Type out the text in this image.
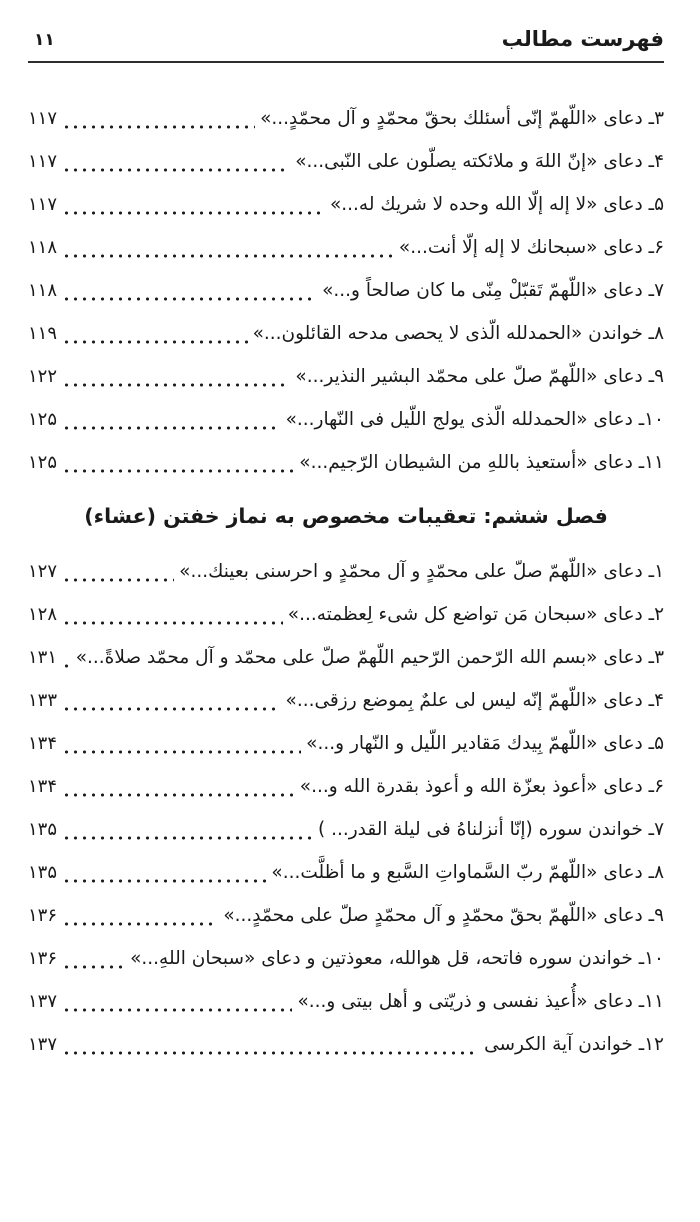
فهرست مطالب
۱۱
۳ـ دعاى «اللّهمّ إنّى أسئلك بحقّ محمّدٍ و آل محمّدٍ...»
۱۱۷
۴ـ دعاى «إنّ اللهَ و ملائكته يصلّون على النّبى...»
۱۱۷
۵ـ دعاى «لا إله إلّا الله وحده لا شريك له...»
۱۱۷
۶ـ دعاى «سبحانك لا إله إلّا أنت...»
۱۱۸
۷ـ دعاى «اللّهمّ تَقبّلْ مِنّى ما كان صالحاً و...»
۱۱۸
۸ـ خواندن «الحمدلله الّذى لا يحصى مدحه القائلون...»
۱۱۹
۹ـ دعاى «اللّهمّ صلّ على محمّد البشير النذير...»
۱۲۲
۱۰ـ دعاى «الحمدلله الّذى يولج اللّيل فى النّهار...»
۱۲۵
۱۱ـ دعاى «أستعيذ باللهِ من الشيطان الرّجيم...»
۱۲۵
فصل ششم: تعقيبات مخصوص به نماز خفتن (عشاء)
۱ـ دعاى «اللّهمّ صلّ على محمّدٍ و آل محمّدٍ و احرسنى بعينك...»
۱۲۷
۲ـ دعاى «سبحان مَن تواضع كل شىء لِعظمته...»
۱۲۸
۳ـ دعاى «بسم الله الرّحمن الرّحيم اللّهمّ صلّ على محمّد و آل محمّد صلاةً...»
۱۳۱
۴ـ دعاى «اللّهمّ إنّه ليس لى علمٌ بِموضع رزقى...»
۱۳۳
۵ـ دعاى «اللّهمّ بِيدك مَقادير اللّيل و النّهار و...»
۱۳۴
۶ـ دعاى «أعوذ بعزّة الله و أعوذ بقدرة الله و...»
۱۳۴
۷ـ خواندن سوره (إنّا أنزلناهُ فى ليلة القدر... )
۱۳۵
۸ـ دعاى «اللّهمّ ربّ السَّماواتِ السَّبع و ما أظلَّت...»
۱۳۵
۹ـ دعاى «اللّهمّ بحقّ محمّدٍ و آل محمّدٍ صلّ على محمّدٍ...»
۱۳۶
۱۰ـ خواندن سوره فاتحه، قل هوالله، معوذتين و دعاى «سبحان اللهِ...»
۱۳۶
۱۱ـ دعاى «أُعيذ نفسى و ذريّتى و أهل بيتى و...»
۱۳۷
۱۲ـ خواندن آية الكرسى
۱۳۷
